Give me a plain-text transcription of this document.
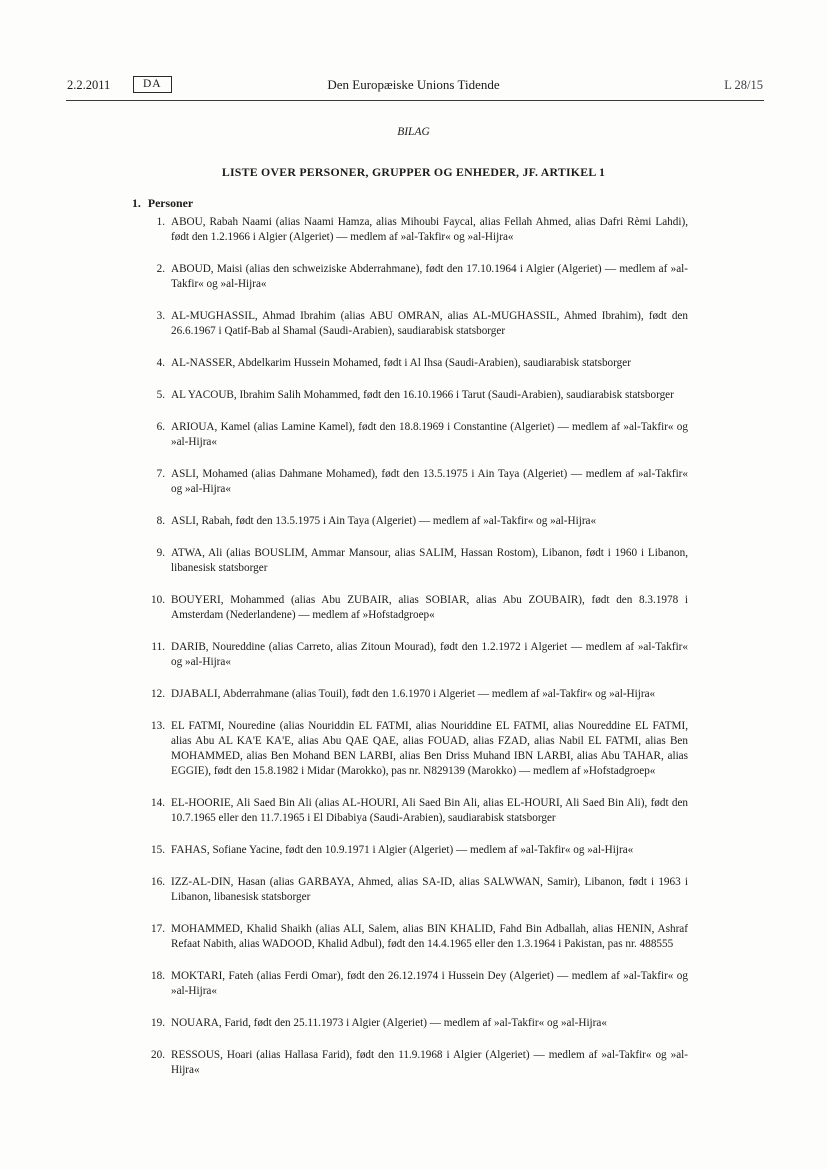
2.2.2011	DA	Den Europæiske Unions Tidende	L 28/15
BILAG
LISTE OVER PERSONER, GRUPPER OG ENHEDER, JF. ARTIKEL 1
1. Personer
1. ABOU, Rabah Naami (alias Naami Hamza, alias Mihoubi Faycal, alias Fellah Ahmed, alias Dafri Rèmi Lahdi), født den 1.2.1966 i Algier (Algeriet) — medlem af »al-Takfir« og »al-Hijra«
2. ABOUD, Maisi (alias den schweiziske Abderrahmane), født den 17.10.1964 i Algier (Algeriet) — medlem af »al-Takfir« og »al-Hijra«
3. AL-MUGHASSIL, Ahmad Ibrahim (alias ABU OMRAN, alias AL-MUGHASSIL, Ahmed Ibrahim), født den 26.6.1967 i Qatif-Bab al Shamal (Saudi-Arabien), saudiarabisk statsborger
4. AL-NASSER, Abdelkarim Hussein Mohamed, født i Al Ihsa (Saudi-Arabien), saudiarabisk statsborger
5. AL YACOUB, Ibrahim Salih Mohammed, født den 16.10.1966 i Tarut (Saudi-Arabien), saudiarabisk statsborger
6. ARIOUA, Kamel (alias Lamine Kamel), født den 18.8.1969 i Constantine (Algeriet) — medlem af »al-Takfir« og »al-Hijra«
7. ASLI, Mohamed (alias Dahmane Mohamed), født den 13.5.1975 i Ain Taya (Algeriet) — medlem af »al-Takfir« og »al-Hijra«
8. ASLI, Rabah, født den 13.5.1975 i Ain Taya (Algeriet) — medlem af »al-Takfir« og »al-Hijra«
9. ATWA, Ali (alias BOUSLIM, Ammar Mansour, alias SALIM, Hassan Rostom), Libanon, født i 1960 i Libanon, libanesisk statsborger
10. BOUYERI, Mohammed (alias Abu ZUBAIR, alias SOBIAR, alias Abu ZOUBAIR), født den 8.3.1978 i Amsterdam (Nederlandene) — medlem af »Hofstadgroep«
11. DARIB, Noureddine (alias Carreto, alias Zitoun Mourad), født den 1.2.1972 i Algeriet — medlem af »al-Takfir« og »al-Hijra«
12. DJABALI, Abderrahmane (alias Touil), født den 1.6.1970 i Algeriet — medlem af »al-Takfir« og »al-Hijra«
13. EL FATMI, Nouredine (alias Nouriddin EL FATMI, alias Nouriddine EL FATMI, alias Noureddine EL FATMI, alias Abu AL KA'E KA'E, alias Abu QAE QAE, alias FOUAD, alias FZAD, alias Nabil EL FATMI, alias Ben MOHAMMED, alias Ben Mohand BEN LARBI, alias Ben Driss Muhand IBN LARBI, alias Abu TAHAR, alias EGGIE), født den 15.8.1982 i Midar (Marokko), pas nr. N829139 (Marokko) — medlem af »Hofstadgroep«
14. EL-HOORIE, Ali Saed Bin Ali (alias AL-HOURI, Ali Saed Bin Ali, alias EL-HOURI, Ali Saed Bin Ali), født den 10.7.1965 eller den 11.7.1965 i El Dibabiya (Saudi-Arabien), saudiarabisk statsborger
15. FAHAS, Sofiane Yacine, født den 10.9.1971 i Algier (Algeriet) — medlem af »al-Takfir« og »al-Hijra«
16. IZZ-AL-DIN, Hasan (alias GARBAYA, Ahmed, alias SA-ID, alias SALWWAN, Samir), Libanon, født i 1963 i Libanon, libanesisk statsborger
17. MOHAMMED, Khalid Shaikh (alias ALI, Salem, alias BIN KHALID, Fahd Bin Adballah, alias HENIN, Ashraf Refaat Nabith, alias WADOOD, Khalid Adbul), født den 14.4.1965 eller den 1.3.1964 i Pakistan, pas nr. 488555
18. MOKTARI, Fateh (alias Ferdi Omar), født den 26.12.1974 i Hussein Dey (Algeriet) — medlem af »al-Takfir« og »al-Hijra«
19. NOUARA, Farid, født den 25.11.1973 i Algier (Algeriet) — medlem af »al-Takfir« og »al-Hijra«
20. RESSOUS, Hoari (alias Hallasa Farid), født den 11.9.1968 i Algier (Algeriet) — medlem af »al-Takfir« og »al-Hijra«
